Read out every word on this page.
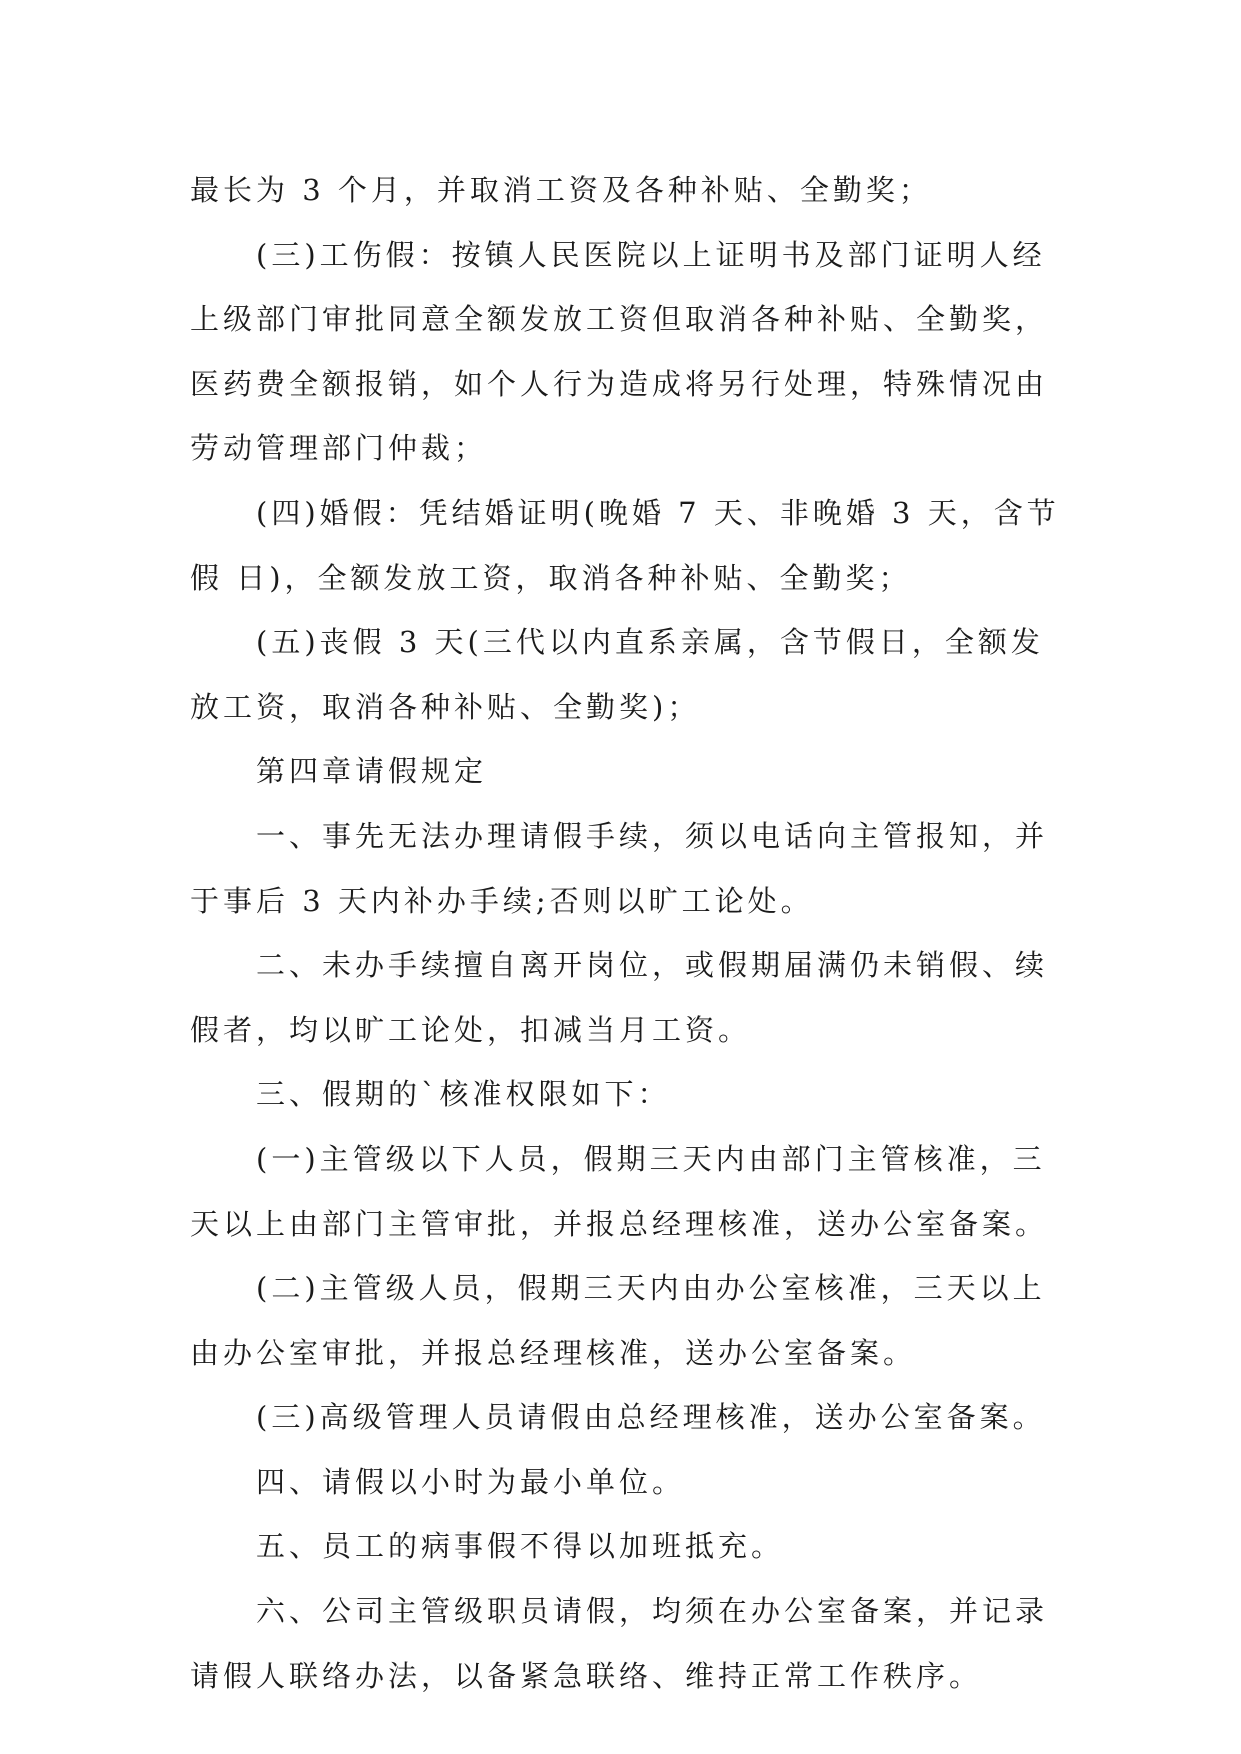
最长为 3 个月，并取消工资及各种补贴、全勤奖；

(三)工伤假：按镇人民医院以上证明书及部门证明人经

上级部门审批同意全额发放工资但取消各种补贴、全勤奖，

医药费全额报销，如个人行为造成将另行处理，特殊情况由

劳动管理部门仲裁；

(四)婚假：凭结婚证明(晚婚 7 天、非晚婚 3 天，含节

假 日)，全额发放工资，取消各种补贴、全勤奖；

(五)丧假 3 天(三代以内直系亲属，含节假日，全额发

放工资，取消各种补贴、全勤奖)；

第四章请假规定

一、事先无法办理请假手续，须以电话向主管报知，并

于事后 3 天内补办手续;否则以旷工论处。

二、未办手续擅自离开岗位，或假期届满仍未销假、续

假者，均以旷工论处，扣减当月工资。

三、假期的`核准权限如下：

(一)主管级以下人员，假期三天内由部门主管核准，三

天以上由部门主管审批，并报总经理核准，送办公室备案。

(二)主管级人员，假期三天内由办公室核准，三天以上

由办公室审批，并报总经理核准，送办公室备案。

(三)高级管理人员请假由总经理核准，送办公室备案。

四、请假以小时为最小单位。

五、员工的病事假不得以加班抵充。

六、公司主管级职员请假，均须在办公室备案，并记录

请假人联络办法，以备紧急联络、维持正常工作秩序。
